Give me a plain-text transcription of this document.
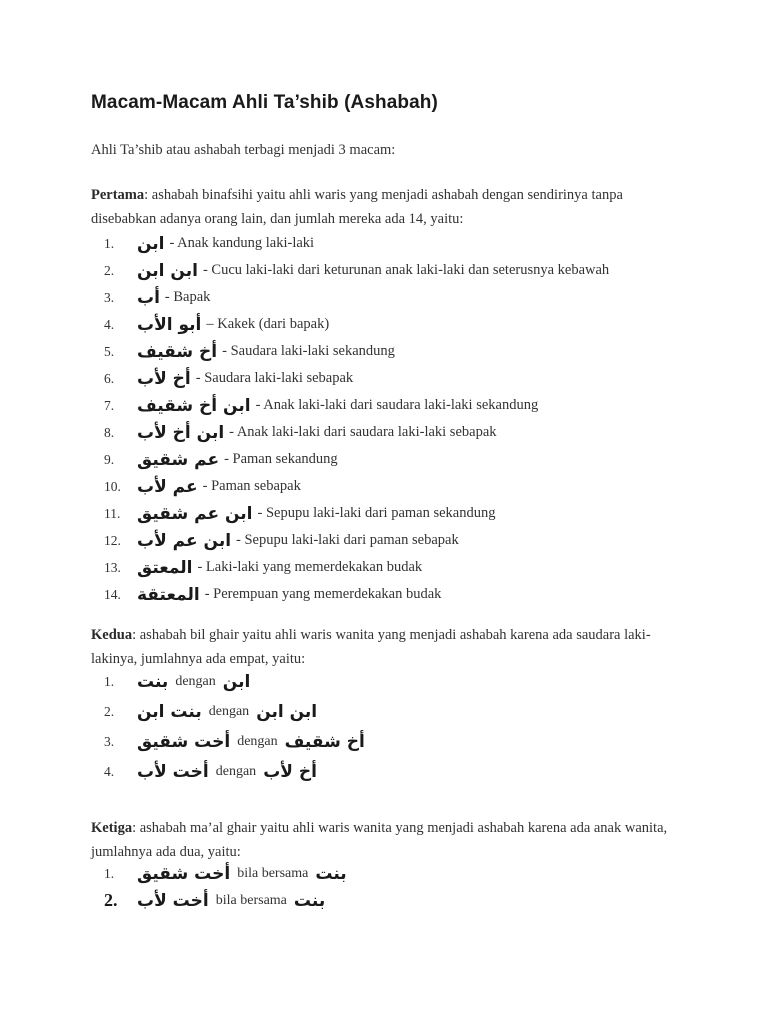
Macam-Macam Ahli Ta’shib (Ashabah)

Ahli Ta’shib atau ashabah terbagi menjadi 3 macam:

Pertama: ashabah binafsihi yaitu ahli waris yang menjadi ashabah dengan sendirinya tanpa disebabkan adanya orang lain, dan jumlah mereka ada 14, yaitu:

1.	ابن - Anak kandung laki-laki
2.	ابن ابن - Cucu laki-laki dari keturunan anak laki-laki dan seterusnya kebawah
3.	أب - Bapak
4.	أبو الأب – Kakek (dari bapak)
5.	أخ شقيف - Saudara laki-laki sekandung
6.	أخ لأب - Saudara laki-laki sebapak
7.	ابن أخ شقيف - Anak laki-laki dari saudara laki-laki sekandung
8.	ابن أخ لأب - Anak laki-laki dari saudara laki-laki sebapak
9.	عم شقيق - Paman sekandung
10. عم لأب - Paman sebapak
11. ابن عم شقيق - Sepupu laki-laki dari paman sekandung
12. ابن عم لأب - Sepupu laki-laki dari paman sebapak
13. المعتق - Laki-laki yang memerdekakan budak
14. المعتقة - Perempuan yang memerdekakan budak

Kedua: ashabah bil ghair yaitu ahli waris wanita yang menjadi ashabah karena ada saudara laki-lakinya, jumlahnya ada empat, yaitu:

1.	بنت dengan ابن
2.	بنت ابن dengan ابن ابن
3.	أخت شقيق dengan أخ شقيف
4.	أخت لأب dengan أخ لأب

Ketiga: ashabah ma’al ghair yaitu ahli waris wanita yang menjadi ashabah karena ada anak wanita, jumlahnya ada dua, yaitu:

1.	أخت شقيق bila bersama بنت
2.	أخت لأب bila bersama بنت
